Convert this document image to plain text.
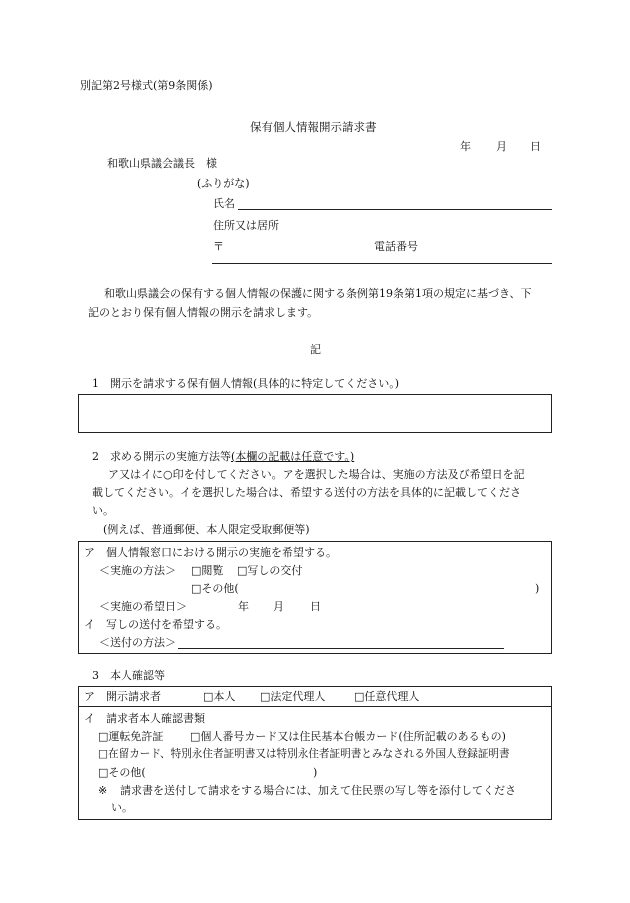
別記第2号様式(第9条関係)
保有個人情報開示請求書
年 月 日
和歌山県議会議長　様
(ふりがな)
氏名
住所又は居所
〒	電話番号
和歌山県議会の保有する個人情報の保護に関する条例第19条第1項の規定に基づき、下
記のとおり保有個人情報の開示を請求します。
記
1　開示を請求する保有個人情報(具体的に特定してください。)
2　求める開示の実施方法等(本欄の記載は任意です。)
ア又はイに○印を付してください。アを選択した場合は、実施の方法及び希望日を記
載してください。イを選択した場合は、希望する送付の方法を具体的に記載してくださ
い。
(例えば、普通郵便、本人限定受取郵便等)
ア　個人情報窓口における開示の実施を希望する。
＜実施の方法＞ □閲覧 □写しの交付
□その他(	)
＜実施の希望日＞	年 月 日
イ　写しの送付を希望する。
＜送付の方法＞
3　本人確認等
ア　開示請求者	□本人 □法定代理人	□任意代理人
イ　請求者本人確認書類
□運転免許証 □個人番号カード又は住民基本台帳カード(住所記載のあるもの)
□在留カード、特別永住者証明書又は特別永住者証明書とみなされる外国人登録証明書
□その他(	)
※ 請求書を送付して請求をする場合には、加えて住民票の写し等を添付してくださ
い。
